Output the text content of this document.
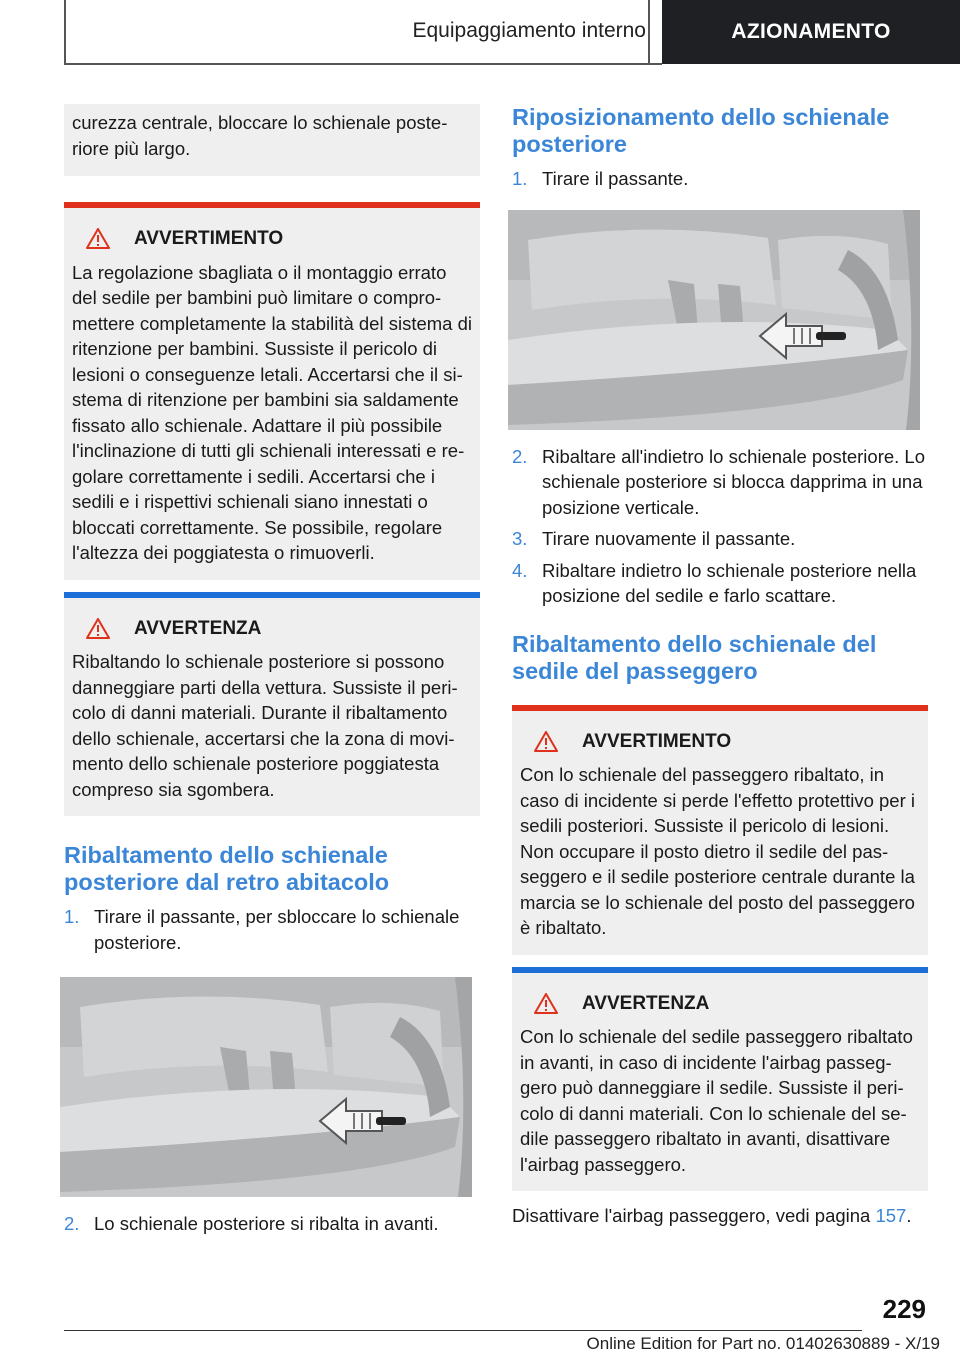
Equipaggiamento interno	AZIONAMENTO

curezza centrale, bloccare lo schienale posteriore più largo.

AVVERTIMENTO

La regolazione sbagliata o il montaggio errato del sedile per bambini può limitare o compromettere completamente la stabilità del sistema di ritenzione per bambini. Sussiste il pericolo di lesioni o conseguenze letali. Accertarsi che il sistema di ritenzione per bambini sia saldamente fissato allo schienale. Adattare il più possibile l'inclinazione di tutti gli schienali interessati e regolare correttamente i sedili. Accertarsi che i sedili e i rispettivi schienali siano innestati o bloccati correttamente. Se possibile, regolare l'altezza dei poggiatesta o rimuoverli.

AVVERTENZA

Ribaltando lo schienale posteriore si possono danneggiare parti della vettura. Sussiste il pericolo di danni materiali. Durante il ribaltamento dello schienale, accertarsi che la zona di movimento dello schienale posteriore poggiatesta compreso sia sgombera.

Ribaltamento dello schienale posteriore dal retro abitacolo
1. Tirare il passante, per sbloccare lo schienale posteriore.
2. Lo schienale posteriore si ribalta in avanti.
Riposizionamento dello schienale posteriore
1. Tirare il passante.
2. Ribaltare all'indietro lo schienale posteriore. Lo schienale posteriore si blocca dapprima in una posizione verticale.
3. Tirare nuovamente il passante.
4. Ribaltare indietro lo schienale posteriore nella posizione del sedile e farlo scattare.
Ribaltamento dello schienale del sedile del passeggero
AVVERTIMENTO

Con lo schienale del passeggero ribaltato, in caso di incidente si perde l'effetto protettivo per i sedili posteriori. Sussiste il pericolo di lesioni. Non occupare il posto dietro il sedile del passeggero e il sedile posteriore centrale durante la marcia se lo schienale del posto del passeggero è ribaltato.

AVVERTENZA

Con lo schienale del sedile passeggero ribaltato in avanti, in caso di incidente l'airbag passeggero può danneggiare il sedile. Sussiste il pericolo di danni materiali. Con lo schienale del sedile passeggero ribaltato in avanti, disattivare l'airbag passeggero.

Disattivare l'airbag passeggero, vedi pagina 157.
229
Online Edition for Part no. 01402630889 - X/19
